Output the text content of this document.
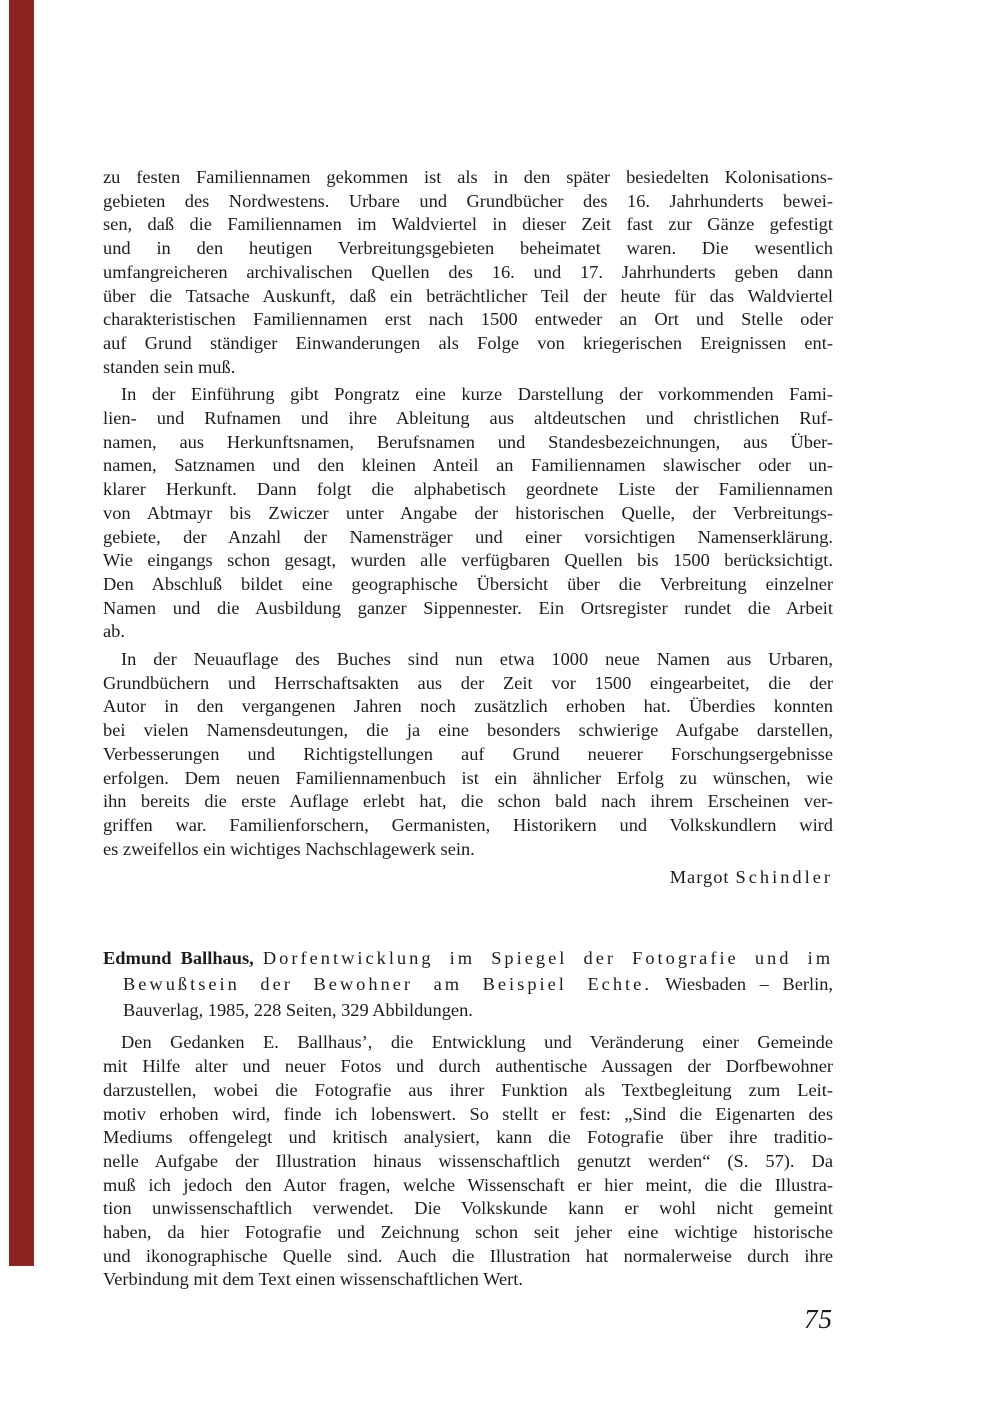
zu festen Familiennamen gekommen ist als in den später besiedelten Kolonisations-
gebieten des Nordwestens. Urbare und Grundbücher des 16. Jahrhunderts bewei-
sen, daß die Familiennamen im Waldviertel in dieser Zeit fast zur Gänze gefestigt
und in den heutigen Verbreitungsgebieten beheimatet waren. Die wesentlich
umfangreicheren archivalischen Quellen des 16. und 17. Jahrhunderts geben dann
über die Tatsache Auskunft, daß ein beträchtlicher Teil der heute für das Waldviertel
charakteristischen Familiennamen erst nach 1500 entweder an Ort und Stelle oder
auf Grund ständiger Einwanderungen als Folge von kriegerischen Ereignissen ent-
standen sein muß.
In der Einführung gibt Pongratz eine kurze Darstellung der vorkommenden Fami-
lien- und Rufnamen und ihre Ableitung aus altdeutschen und christlichen Ruf-
namen, aus Herkunftsnamen, Berufsnamen und Standesbezeichnungen, aus Über-
namen, Satznamen und den kleinen Anteil an Familiennamen slawischer oder un-
klarer Herkunft. Dann folgt die alphabetisch geordnete Liste der Familiennamen
von Abtmayr bis Zwiczer unter Angabe der historischen Quelle, der Verbreitungs-
gebiete, der Anzahl der Namensträger und einer vorsichtigen Namenserklärung.
Wie eingangs schon gesagt, wurden alle verfügbaren Quellen bis 1500 berücksichtigt.
Den Abschluß bildet eine geographische Übersicht über die Verbreitung einzelner
Namen und die Ausbildung ganzer Sippennester. Ein Ortsregister rundet die Arbeit
ab.
In der Neuauflage des Buches sind nun etwa 1000 neue Namen aus Urbaren,
Grundbüchern und Herrschaftsakten aus der Zeit vor 1500 eingearbeitet, die der
Autor in den vergangenen Jahren noch zusätzlich erhoben hat. Überdies konnten
bei vielen Namensdeutungen, die ja eine besonders schwierige Aufgabe darstellen,
Verbesserungen und Richtigstellungen auf Grund neuerer Forschungsergebnisse
erfolgen. Dem neuen Familiennamenbuch ist ein ähnlicher Erfolg zu wünschen, wie
ihn bereits die erste Auflage erlebt hat, die schon bald nach ihrem Erscheinen ver-
griffen war. Familienforschern, Germanisten, Historikern und Volkskundlern wird
es zweifellos ein wichtiges Nachschlagewerk sein.
Margot Schindler
Edmund Ballhaus, Dorfentwicklung im Spiegel der Fotografie und im
Bewußtsein der Bewohner am Beispiel Echte. Wiesbaden – Berlin,
Bauverlag, 1985, 228 Seiten, 329 Abbildungen.
Den Gedanken E. Ballhaus’, die Entwicklung und Veränderung einer Gemeinde
mit Hilfe alter und neuer Fotos und durch authentische Aussagen der Dorfbewohner
darzustellen, wobei die Fotografie aus ihrer Funktion als Textbegleitung zum Leit-
motiv erhoben wird, finde ich lobenswert. So stellt er fest: „Sind die Eigenarten des
Mediums offengelegt und kritisch analysiert, kann die Fotografie über ihre traditio-
nelle Aufgabe der Illustration hinaus wissenschaftlich genutzt werden“ (S. 57). Da
muß ich jedoch den Autor fragen, welche Wissenschaft er hier meint, die die Illustra-
tion unwissenschaftlich verwendet. Die Volkskunde kann er wohl nicht gemeint
haben, da hier Fotografie und Zeichnung schon seit jeher eine wichtige historische
und ikonographische Quelle sind. Auch die Illustration hat normalerweise durch ihre
Verbindung mit dem Text einen wissenschaftlichen Wert.
75
